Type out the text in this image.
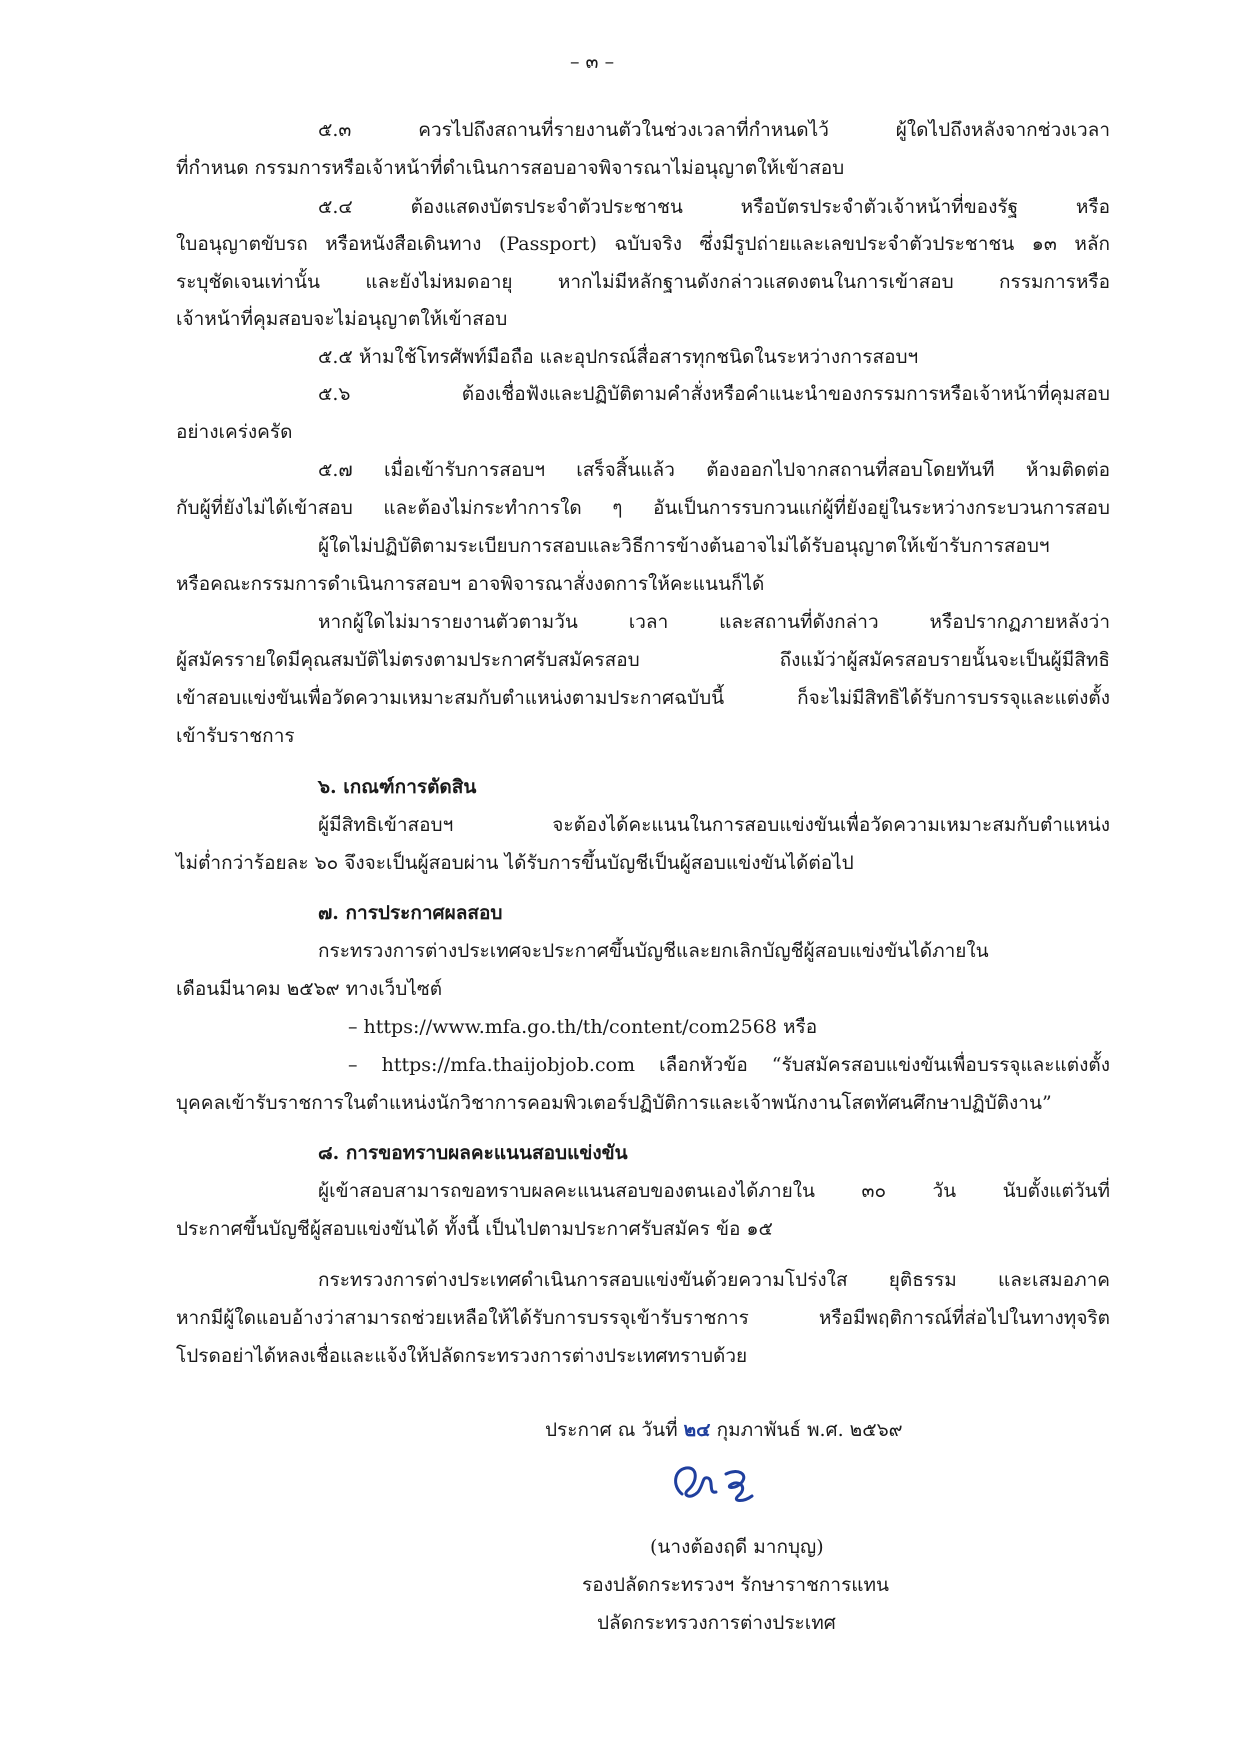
– ๓ –
๕.๓ ควรไปถึงสถานที่รายงานตัวในช่วงเวลาที่กำหนดไว้ ผู้ใดไปถึงหลังจากช่วงเวลา
ที่กำหนด กรรมการหรือเจ้าหน้าที่ดำเนินการสอบอาจพิจารณาไม่อนุญาตให้เข้าสอบ
๕.๔ ต้องแสดงบัตรประจำตัวประชาชน หรือบัตรประจำตัวเจ้าหน้าที่ของรัฐ หรือ
ใบอนุญาตขับรถ หรือหนังสือเดินทาง (Passport) ฉบับจริง ซึ่งมีรูปถ่ายและเลขประจำตัวประชาชน ๑๓ หลัก
ระบุชัดเจนเท่านั้น และยังไม่หมดอายุ หากไม่มีหลักฐานดังกล่าวแสดงตนในการเข้าสอบ กรรมการหรือ
เจ้าหน้าที่คุมสอบจะไม่อนุญาตให้เข้าสอบ
๕.๕ ห้ามใช้โทรศัพท์มือถือ และอุปกรณ์สื่อสารทุกชนิดในระหว่างการสอบฯ
๕.๖ ต้องเชื่อฟังและปฏิบัติตามคำสั่งหรือคำแนะนำของกรรมการหรือเจ้าหน้าที่คุมสอบ
อย่างเคร่งครัด
๕.๗ เมื่อเข้ารับการสอบฯ เสร็จสิ้นแล้ว ต้องออกไปจากสถานที่สอบโดยทันที ห้ามติดต่อ
กับผู้ที่ยังไม่ได้เข้าสอบ และต้องไม่กระทำการใด ๆ อันเป็นการรบกวนแก่ผู้ที่ยังอยู่ในระหว่างกระบวนการสอบ
ผู้ใดไม่ปฏิบัติตามระเบียบการสอบและวิธีการข้างต้นอาจไม่ได้รับอนุญาตให้เข้ารับการสอบฯ
หรือคณะกรรมการดำเนินการสอบฯ อาจพิจารณาสั่งงดการให้คะแนนก็ได้
หากผู้ใดไม่มารายงานตัวตามวัน เวลา และสถานที่ดังกล่าว หรือปรากฏภายหลังว่า
ผู้สมัครรายใดมีคุณสมบัติไม่ตรงตามประกาศรับสมัครสอบ ถึงแม้ว่าผู้สมัครสอบรายนั้นจะเป็นผู้มีสิทธิ
เข้าสอบแข่งขันเพื่อวัดความเหมาะสมกับตำแหน่งตามประกาศฉบับนี้ ก็จะไม่มีสิทธิได้รับการบรรจุและแต่งตั้ง
เข้ารับราชการ
๖. เกณฑ์การตัดสิน
ผู้มีสิทธิเข้าสอบฯ จะต้องได้คะแนนในการสอบแข่งขันเพื่อวัดความเหมาะสมกับตำแหน่ง
ไม่ต่ำกว่าร้อยละ ๖๐ จึงจะเป็นผู้สอบผ่าน ได้รับการขึ้นบัญชีเป็นผู้สอบแข่งขันได้ต่อไป
๗. การประกาศผลสอบ
กระทรวงการต่างประเทศจะประกาศขึ้นบัญชีและยกเลิกบัญชีผู้สอบแข่งขันได้ภายใน
เดือนมีนาคม ๒๕๖๙ ทางเว็บไซต์
– https://www.mfa.go.th/th/content/com2568 หรือ
– https://mfa.thaijobjob.com เลือกหัวข้อ “รับสมัครสอบแข่งขันเพื่อบรรจุและแต่งตั้ง
บุคคลเข้ารับราชการในตำแหน่งนักวิชาการคอมพิวเตอร์ปฏิบัติการและเจ้าพนักงานโสตทัศนศึกษาปฏิบัติงาน”
๘. การขอทราบผลคะแนนสอบแข่งขัน
ผู้เข้าสอบสามารถขอทราบผลคะแนนสอบของตนเองได้ภายใน ๓๐ วัน นับตั้งแต่วันที่
ประกาศขึ้นบัญชีผู้สอบแข่งขันได้ ทั้งนี้ เป็นไปตามประกาศรับสมัคร ข้อ ๑๕
กระทรวงการต่างประเทศดำเนินการสอบแข่งขันด้วยความโปร่งใส ยุติธรรม และเสมอภาค
หากมีผู้ใดแอบอ้างว่าสามารถช่วยเหลือให้ได้รับการบรรจุเข้ารับราชการ หรือมีพฤติการณ์ที่ส่อไปในทางทุจริต
โปรดอย่าได้หลงเชื่อและแจ้งให้ปลัดกระทรวงการต่างประเทศทราบด้วย
ประกาศ ณ วันที่ ๒๔ กุมภาพันธ์ พ.ศ. ๒๕๖๙
(นางต้องฤดี มากบุญ)
รองปลัดกระทรวงฯ รักษาราชการแทน
ปลัดกระทรวงการต่างประเทศ
